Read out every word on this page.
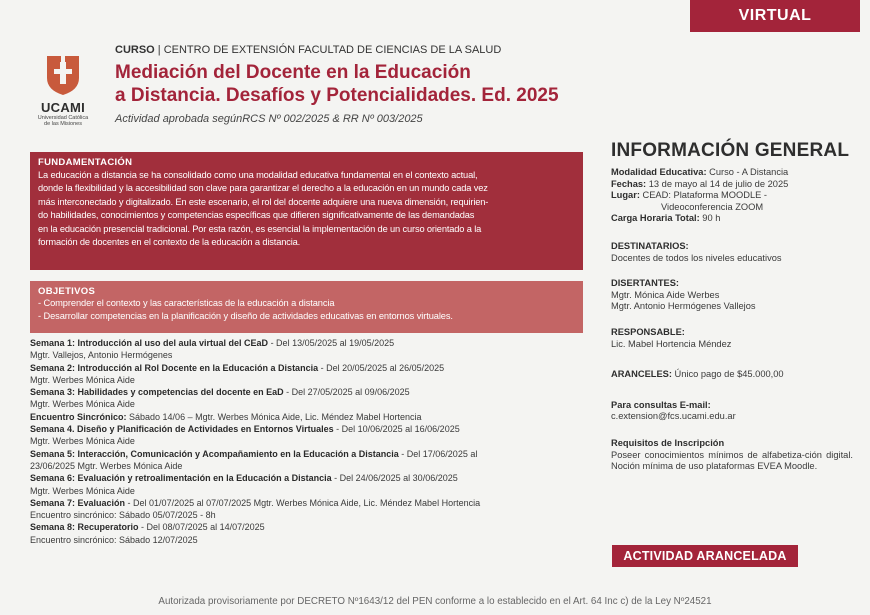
VIRTUAL
UCAMI
Universidad Católica
de las Misiones
CURSO | CENTRO DE EXTENSIÓN FACULTAD DE CIENCIAS DE LA SALUD
Mediación del Docente en la Educación
a Distancia. Desafíos y Potencialidades. Ed. 2025
Actividad aprobada segúnRCS Nº 002/2025 & RR Nº 003/2025
FUNDAMENTACIÓN
La educación a distancia se ha consolidado como una modalidad educativa fundamental en el contexto actual,
donde la flexibilidad y la accesibilidad son clave para garantizar el derecho a la educación en un mundo cada vez
más interconectado y digitalizado. En este escenario, el rol del docente adquiere una nueva dimensión, requirien-
do habilidades, conocimientos y competencias específicas que difieren significativamente de las demandadas
en la educación presencial tradicional. Por esta razón, es esencial la implementación de un curso orientado a la
formación de docentes en el contexto de la educación a distancia.
OBJETIVOS
- Comprender el contexto y las características de la educación a distancia
- Desarrollar competencias en la planificación y diseño de actividades educativas en entornos virtuales.
Semana 1: Introducción al uso del aula virtual del CEaD - Del 13/05/2025 al 19/05/2025
Mgtr. Vallejos, Antonio Hermógenes
Semana 2: Introducción al Rol Docente en la Educación a Distancia - Del 20/05/2025 al 26/05/2025
Mgtr. Werbes Mónica Aide
Semana 3: Habilidades y competencias del docente en EaD - Del 27/05/2025 al 09/06/2025
Mgtr. Werbes Mónica Aide
Encuentro Sincrónico: Sábado 14/06 – Mgtr. Werbes Mónica Aide, Lic. Méndez Mabel Hortencia
Semana 4. Diseño y Planificación de Actividades en Entornos Virtuales - Del 10/06/2025 al 16/06/2025
Mgtr. Werbes Mónica Aide
Semana 5: Interacción, Comunicación y Acompañamiento en la Educación a Distancia - Del 17/06/2025 al
23/06/2025 Mgtr. Werbes Mónica Aide
Semana 6: Evaluación y retroalimentación en la Educación a Distancia - Del 24/06/2025 al 30/06/2025
Mgtr. Werbes Mónica Aide
Semana 7: Evaluación - Del 01/07/2025 al 07/07/2025 Mgtr. Werbes Mónica Aide, Lic. Méndez Mabel Hortencia
Encuentro sincrónico: Sábado 05/07/2025 - 8h
Semana 8: Recuperatorio - Del 08/07/2025 al 14/07/2025
Encuentro sincrónico: Sábado 12/07/2025
INFORMACIÓN GENERAL
Modalidad Educativa: Curso - A Distancia
Fechas: 13 de mayo al 14 de julio de 2025
Lugar: CEAD: Plataforma MOODLE -
Videoconferencia ZOOM
Carga Horaria Total: 90 h
DESTINATARIOS:
Docentes de todos los niveles educativos
DISERTANTES:
Mgtr. Mónica Aide Werbes
Mgtr. Antonio Hermógenes Vallejos
RESPONSABLE:
Lic. Mabel Hortencia Méndez
ARANCELES: Único pago de $45.000,00
Para consultas E-mail:
c.extension@fcs.ucami.edu.ar
Requisitos de Inscripción
Poseer conocimientos mínimos de alfabetiza-ción digital. Noción mínima de uso plataformas EVEA Moodle.
ACTIVIDAD ARANCELADA
Autorizada provisoriamente por DECRETO Nº1643/12 del PEN conforme a lo establecido en el Art. 64 Inc c) de la Ley Nº24521
